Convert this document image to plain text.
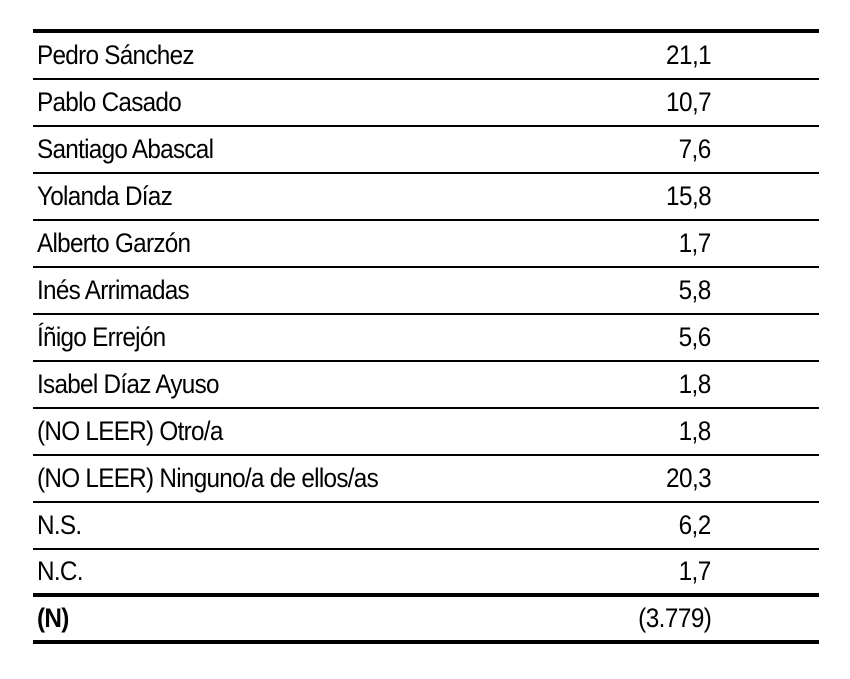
Pedro Sánchez	21,1
Pablo Casado	10,7
Santiago Abascal	7,6
Yolanda Díaz	15,8
Alberto Garzón	1,7
Inés Arrimadas	5,8
Íñigo Errejón	5,6
Isabel Díaz Ayuso	1,8
(NO LEER) Otro/a	1,8
(NO LEER) Ninguno/a de ellos/as	20,3
N.S.	6,2
N.C.	1,7
(N)	(3.779)
